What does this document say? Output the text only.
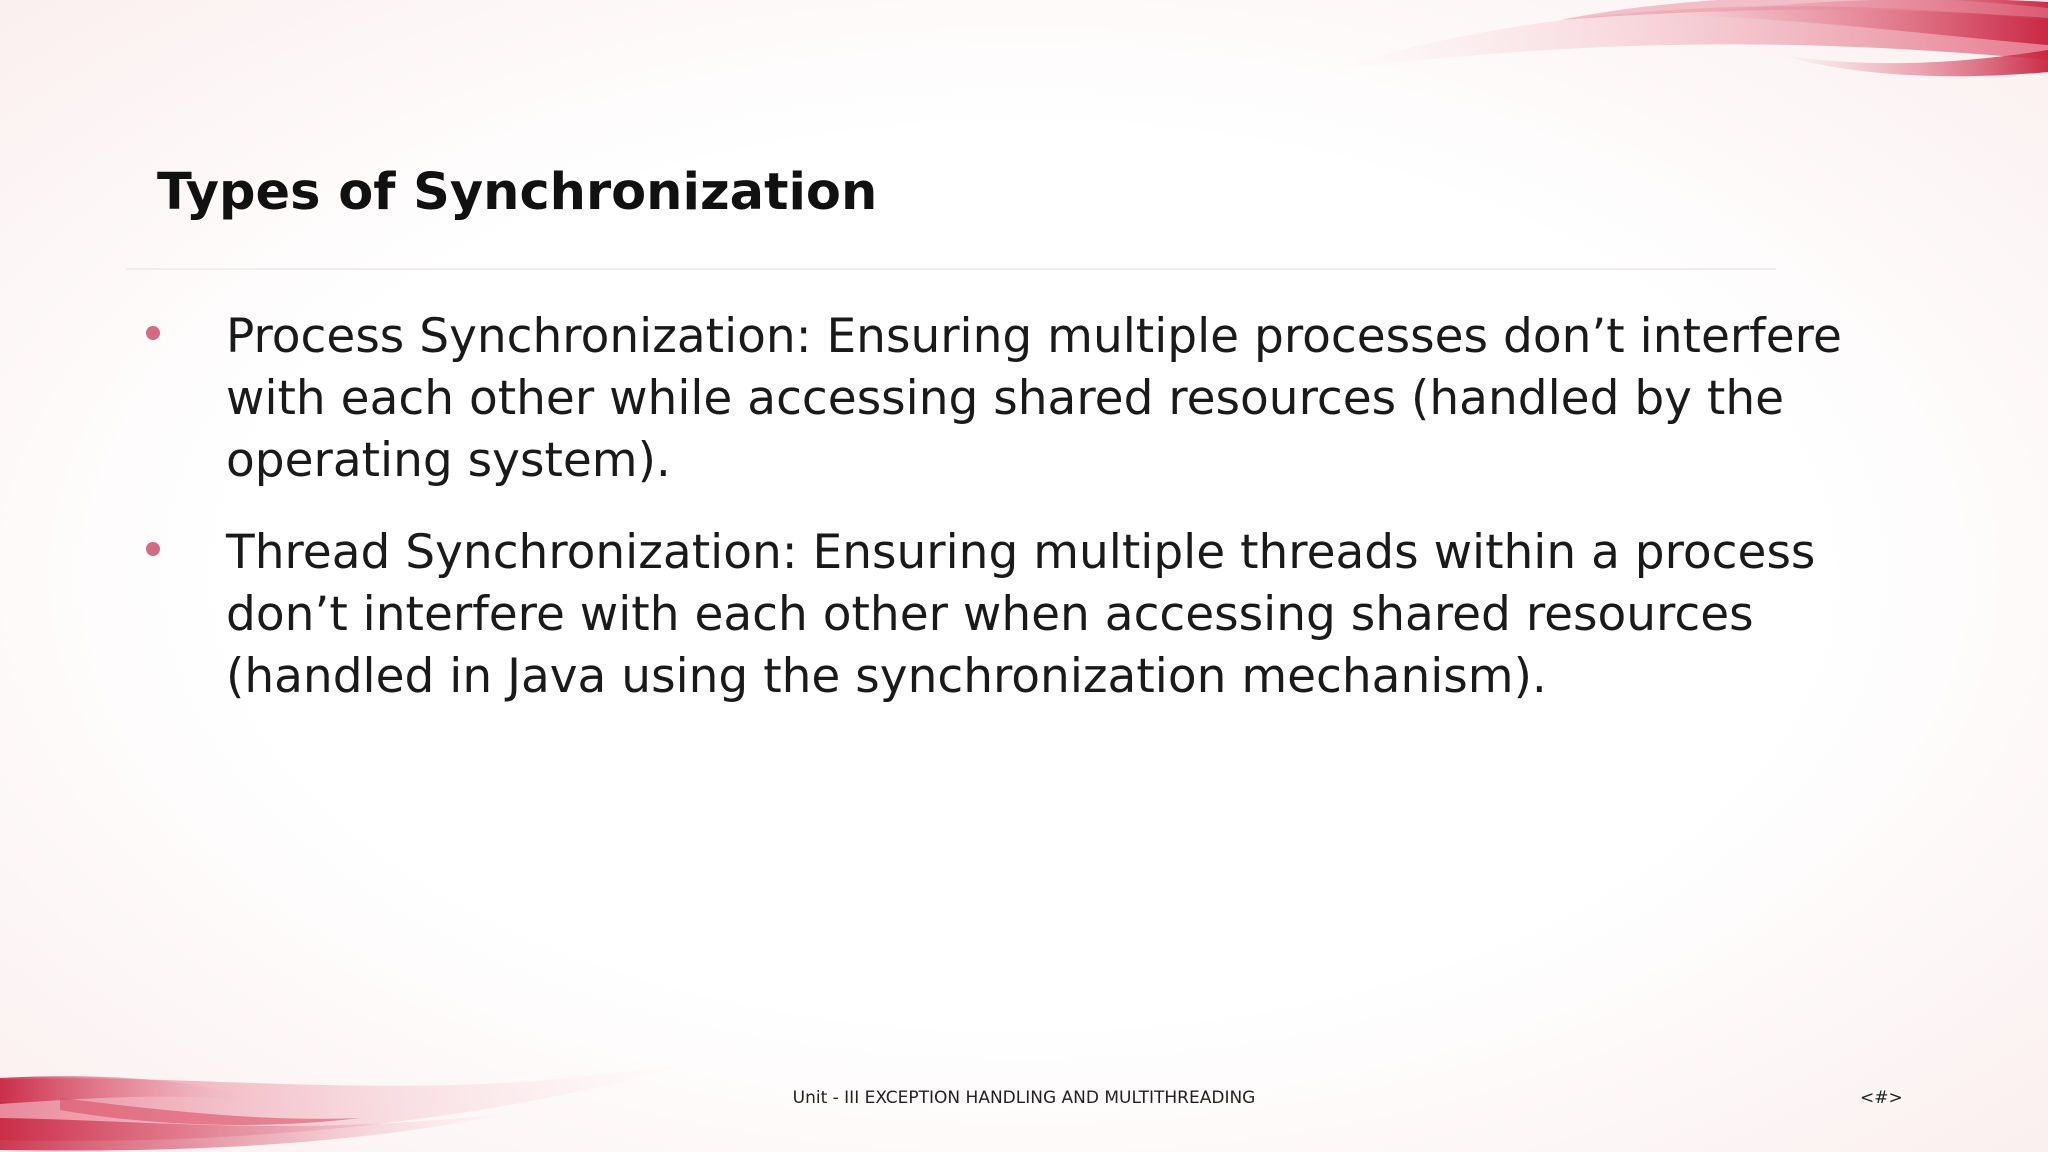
Types of Synchronization
Process Synchronization: Ensuring multiple processes don’t interfere with each other while accessing shared resources (handled by the operating system).
Thread Synchronization: Ensuring multiple threads within a process don’t interfere with each other when accessing shared resources (handled in Java using the synchronization mechanism).
Unit - III EXCEPTION HANDLING AND MULTITHREADING	<#>
